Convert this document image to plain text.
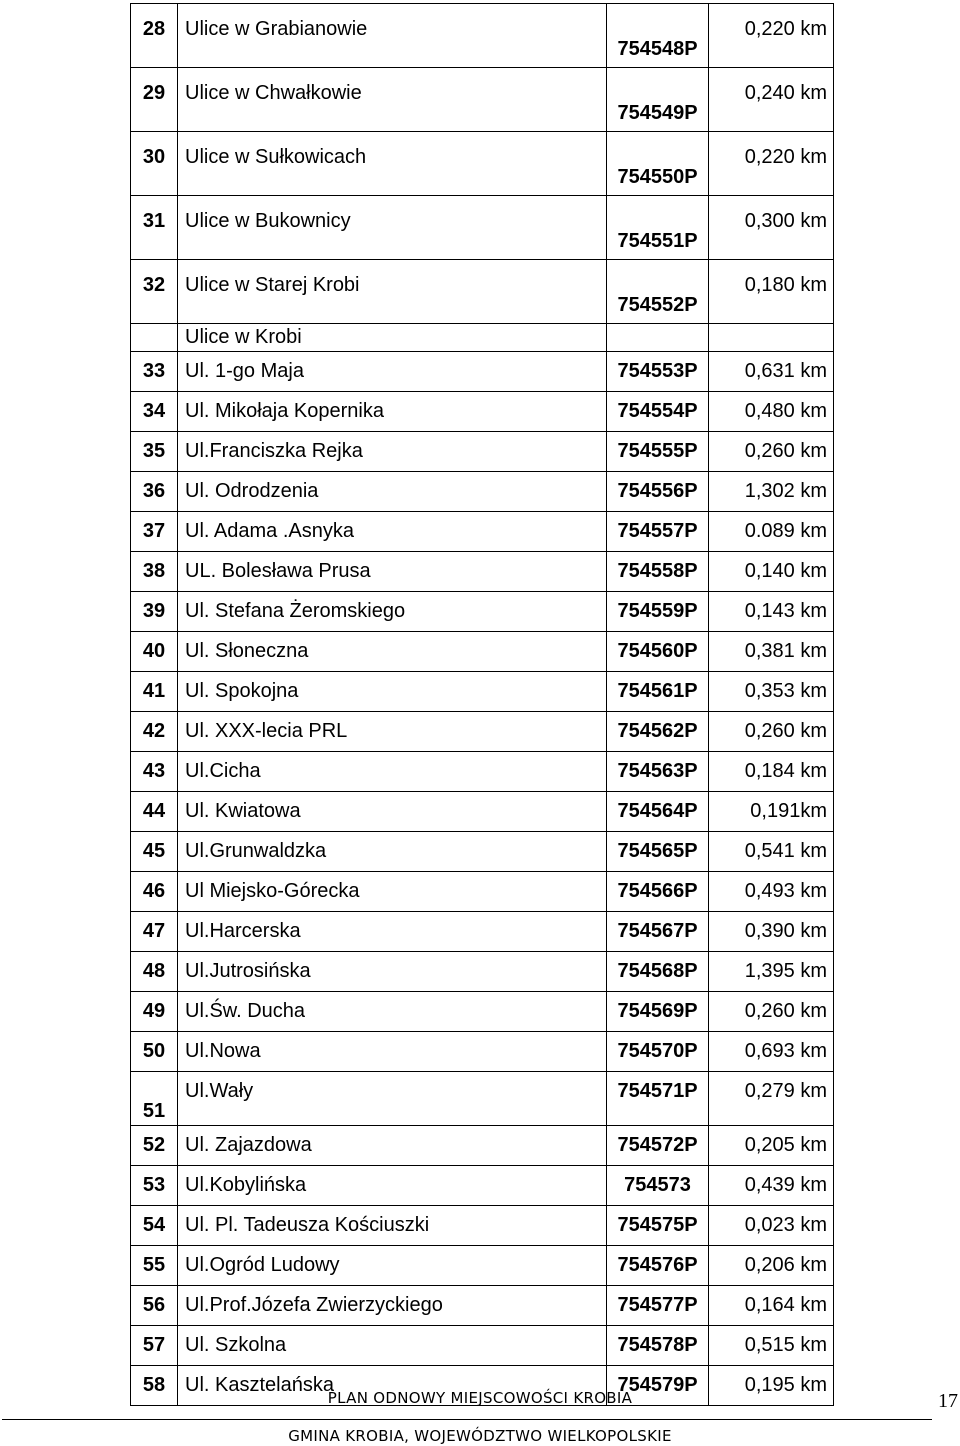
28	Ulice w Grabianowie	754548P	0,220 km
29	Ulice w Chwałkowie	754549P	0,240 km
30	Ulice w Sułkowicach	754550P	0,220 km
31	Ulice w Bukownicy	754551P	0,300 km
32	Ulice w Starej Krobi	754552P	0,180 km
	Ulice w Krobi		
33	Ul. 1-go Maja	754553P	0,631 km
34	Ul. Mikołaja Kopernika	754554P	0,480 km
35	Ul.Franciszka Rejka	754555P	0,260 km
36	Ul. Odrodzenia	754556P	1,302 km
37	Ul. Adama .Asnyka	754557P	0.089 km
38	UL. Bolesława Prusa	754558P	0,140 km
39	Ul. Stefana Żeromskiego	754559P	0,143 km
40	Ul. Słoneczna	754560P	0,381 km
41	Ul. Spokojna	754561P	0,353 km
42	Ul. XXX-lecia PRL	754562P	0,260 km
43	Ul.Cicha	754563P	0,184 km
44	Ul. Kwiatowa	754564P	0,191km
45	Ul.Grunwaldzka	754565P	0,541 km
46	Ul Miejsko-Górecka	754566P	0,493 km
47	Ul.Harcerska	754567P	0,390 km
48	Ul.Jutrosińska	754568P	1,395 km
49	Ul.Św. Ducha	754569P	0,260 km
50	Ul.Nowa	754570P	0,693 km
51	Ul.Wały	754571P	0,279 km
52	Ul. Zajazdowa	754572P	0,205 km
53	Ul.Kobylińska	754573	0,439 km
54	Ul. Pl. Tadeusza Kościuszki	754575P	0,023 km
55	Ul.Ogród Ludowy	754576P	0,206 km
56	Ul.Prof.Józefa Zwierzyckiego	754577P	0,164 km
57	Ul. Szkolna	754578P	0,515 km
58	Ul. Kasztelańska	754579P	0,195 km
PLAN ODNOWY MIEJSCOWOŚCI KROBIA	17
GMINA KROBIA, WOJEWÓDZTWO WIELKOPOLSKIE
